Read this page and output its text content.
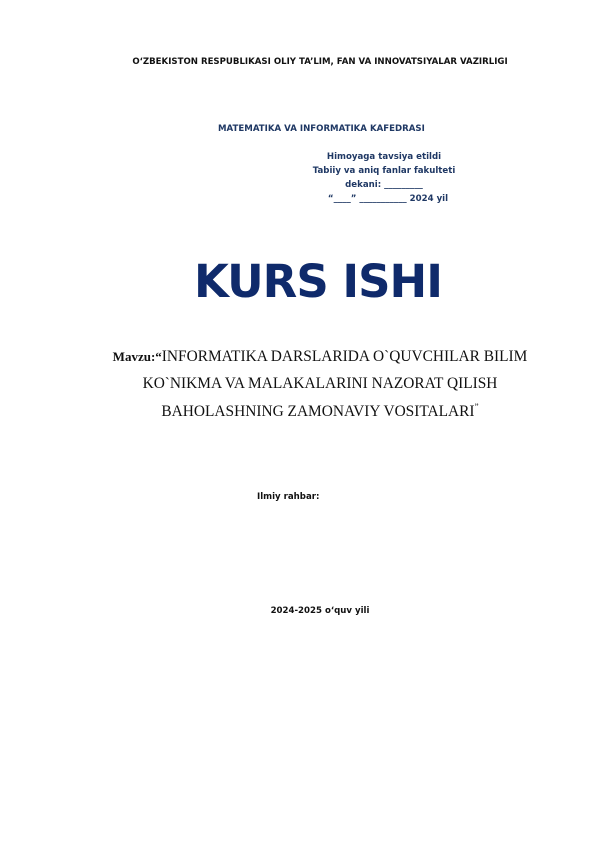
O‘ZBEKISTON RESPUBLIKASI OLIY TA’LIM, FAN VA INNOVATSIYALAR VAZIRLIGI
MATEMATIKA VA INFORMATIKA KAFEDRASI
Himoyaga tavsiya etildi
Tabiiy va aniq fanlar fakulteti
dekani: _________
“____” ___________ 2024 yil
KURS ISHI
Mavzu:“INFORMATIKA DARSLARIDA O`QUVCHILAR BILIM
KO`NIKMA VA MALAKALARINI NAZORAT QILISH
BAHOLASHNING ZAMONAVIY VOSITALARI”
Ilmiy rahbar:
2024-2025 o‘quv yili
